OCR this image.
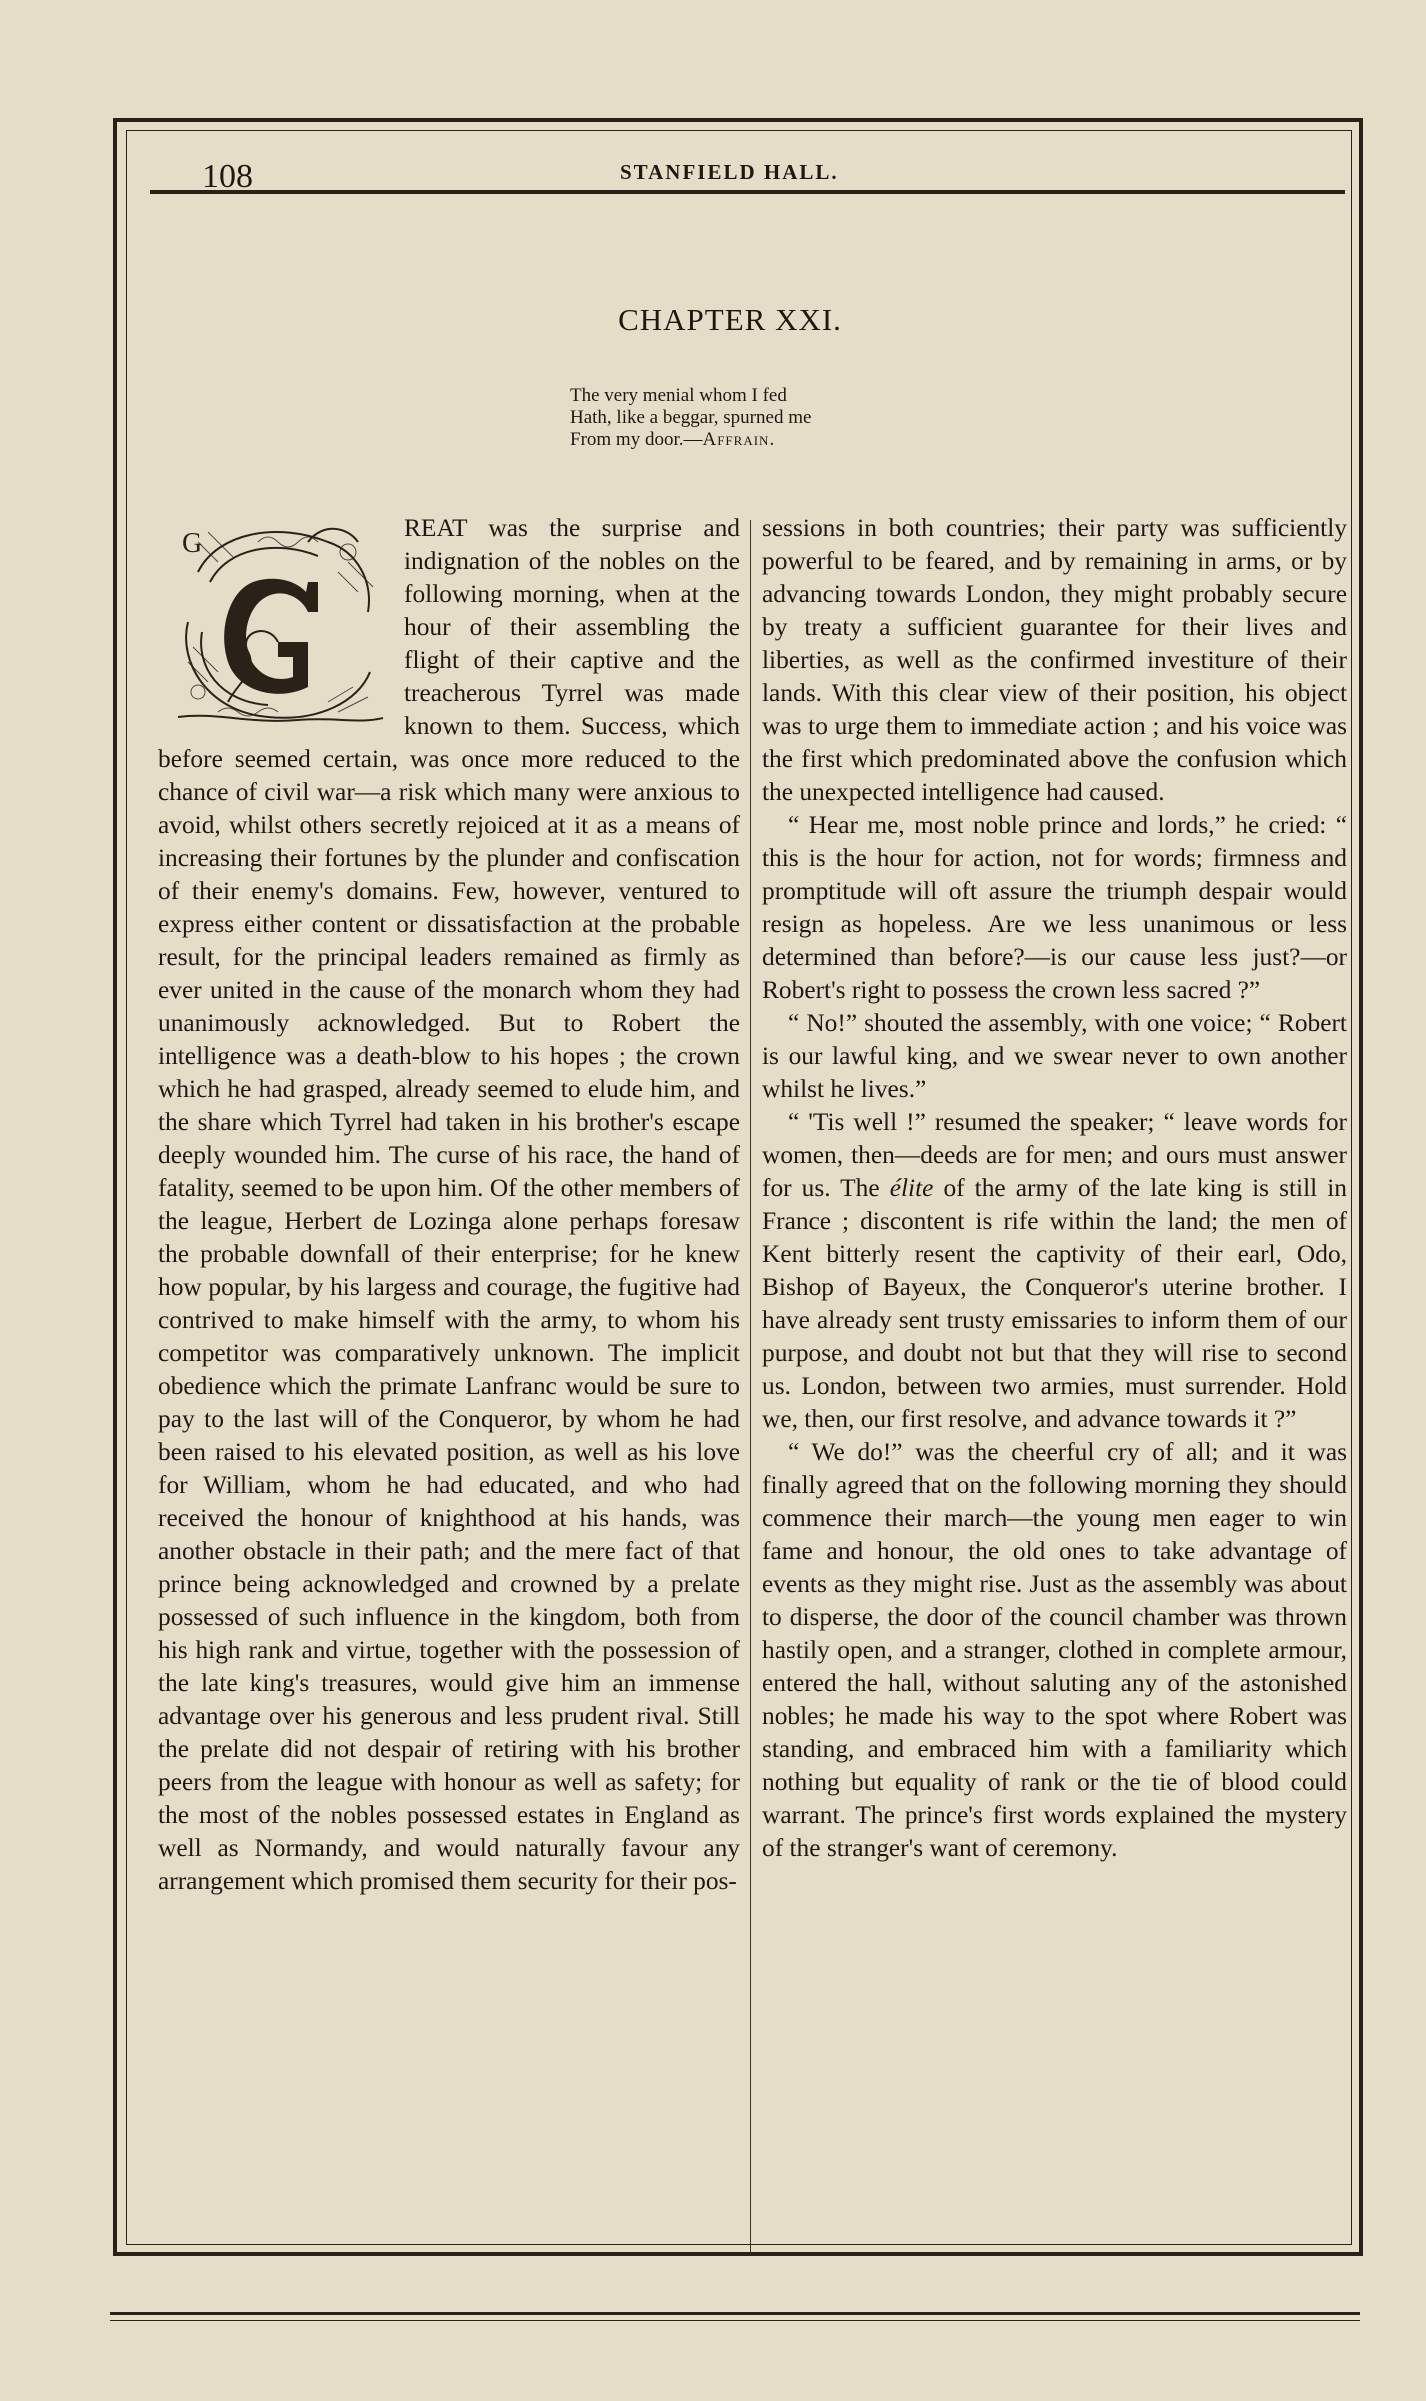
108	STANFIELD HALL.
CHAPTER XXI.
The very menial whom I fed
Hath, like a beggar, spurned me
From my door.—Affrain.
G	REAT was the surprise and indignation of the nobles on the following morning, when at the hour of their assembling the flight of their captive and the treacherous Tyrrel was made known to them. Success, which before seemed certain, was once more reduced to the chance of civil war—a risk which many were anxious to avoid, whilst others secretly rejoiced at it as a means of increasing their fortunes by the plunder and confiscation of their enemy's domains. Few, however, ventured to express either content or dissatisfaction at the probable result, for the principal leaders remained as firmly as ever united in the cause of the monarch whom they had unanimously acknowledged. But to Robert the intelligence was a death-blow to his hopes ; the crown which he had grasped, already seemed to elude him, and the share which Tyrrel had taken in his brother's escape deeply wounded him. The curse of his race, the hand of fatality, seemed to be upon him. Of the other members of the league, Herbert de Lozinga alone perhaps foresaw the probable downfall of their enterprise; for he knew how popular, by his largess and courage, the fugitive had contrived to make himself with the army, to whom his competitor was comparatively unknown. The implicit obedience which the primate Lanfranc would be sure to pay to the last will of the Conqueror, by whom he had been raised to his elevated position, as well as his love for William, whom he had educated, and who had received the honour of knighthood at his hands, was another obstacle in their path; and the mere fact of that prince being acknowledged and crowned by a prelate possessed of such influence in the kingdom, both from his high rank and virtue, together with the possession of the late king's treasures, would give him an immense advantage over his generous and less prudent rival. Still the prelate did not despair of retiring with his brother peers from the league with honour as well as safety; for the most of the nobles possessed estates in England as well as Normandy, and would naturally favour any arrangement which promised them security for their pos-

sessions in both countries; their party was sufficiently powerful to be feared, and by remaining in arms, or by advancing towards London, they might probably secure by treaty a sufficient guarantee for their lives and liberties, as well as the confirmed investiture of their lands. With this clear view of their position, his object was to urge them to immediate action ; and his voice was the first which predominated above the confusion which the unexpected intelligence had caused.

“ Hear me, most noble prince and lords,” he cried: “ this is the hour for action, not for words; firmness and promptitude will oft assure the triumph despair would resign as hopeless. Are we less unanimous or less determined than before?—is our cause less just?—or Robert's right to possess the crown less sacred ?”

“ No!” shouted the assembly, with one voice; “ Robert is our lawful king, and we swear never to own another whilst he lives.”

“ 'Tis well !” resumed the speaker; “ leave words for women, then—deeds are for men; and ours must answer for us. The élite of the army of the late king is still in France ; discontent is rife within the land; the men of Kent bitterly resent the captivity of their earl, Odo, Bishop of Bayeux, the Conqueror's uterine brother. I have already sent trusty emissaries to inform them of our purpose, and doubt not but that they will rise to second us. London, between two armies, must surrender. Hold we, then, our first resolve, and advance towards it ?”

“ We do!” was the cheerful cry of all; and it was finally agreed that on the following morning they should commence their march—the young men eager to win fame and honour, the old ones to take advantage of events as they might rise. Just as the assembly was about to disperse, the door of the council chamber was thrown hastily open, and a stranger, clothed in complete armour, entered the hall, without saluting any of the astonished nobles; he made his way to the spot where Robert was standing, and embraced him with a familiarity which nothing but equality of rank or the tie of blood could warrant. The prince's first words explained the mystery of the stranger's want of ceremony.
